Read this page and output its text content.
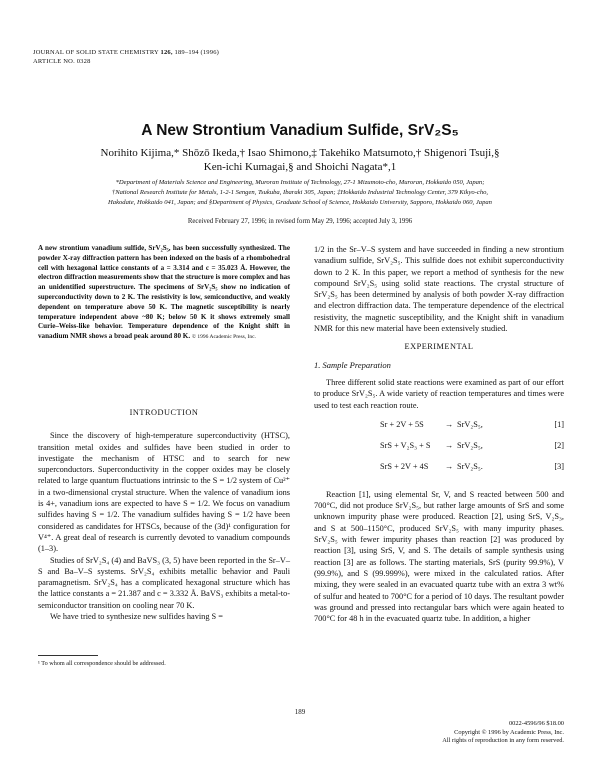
JOURNAL OF SOLID STATE CHEMISTRY 126, 189–194 (1996)
ARTICLE NO. 0328
A New Strontium Vanadium Sulfide, SrV₂S₅
Norihito Kijima,* Shōzō Ikeda,† Isao Shimono,‡ Takehiko Matsumoto,† Shigenori Tsuji,§
Ken-ichi Kumagai,§ and Shoichi Nagata*,1
*Department of Materials Science and Engineering, Muroran Institute of Technology, 27-1 Mizumoto-cho, Muroran, Hokkaido 050, Japan;
†National Research Institute for Metals, 1-2-1 Sengen, Tsukuba, Ibaraki 305, Japan; ‡Hokkaido Industrial Technology Center, 379 Kikyo-cho,
Hakodate, Hokkaido 041, Japan; and §Department of Physics, Graduate School of Science, Hokkaido University, Sapporo, Hokkaido 060, Japan
Received February 27, 1996; in revised form May 29, 1996; accepted July 3, 1996
A new strontium vanadium sulfide, SrV₂S₅, has been successfully synthesized. The powder X-ray diffraction pattern has been indexed on the basis of a rhombohedral cell with hexagonal lattice constants of a = 3.314 and c = 35.023 Å. However, the electron diffraction measurements show that the structure is more complex and has an unidentified superstructure. The specimens of SrV₂S₅ show no indication of superconductivity down to 2 K. The resistivity is low, semiconductive, and weakly dependent on temperature above 50 K. The magnetic susceptibility is nearly temperature independent above ~80 K; below 50 K it shows extremely small Curie–Weiss-like behavior. Temperature dependence of the Knight shift in vanadium NMR shows a broad peak around 80 K. © 1996 Academic Press, Inc.
INTRODUCTION

Since the discovery of high-temperature superconductivity (HTSC), transition metal oxides and sulfides have been studied in order to investigate the mechanism of HTSC and to search for new superconductors. Superconductivity in the copper oxides may be closely related to large quantum fluctuations intrinsic to the S = 1/2 system of Cu²⁺ in a two-dimensional crystal structure. When the valence of vanadium ions is 4+, vanadium ions are expected to have S = 1/2. We focus on vanadium sulfides having S = 1/2. The vanadium sulfides having S = 1/2 have been considered as candidates for HTSCs, because of the (3d)¹ configuration for V⁴⁺. A great deal of research is currently devoted to vanadium compounds (1–3).

Studies of SrV₂S₄ (4) and BaVS₃ (3, 5) have been reported in the Sr–V–S and Ba–V–S systems. SrV₂S₄ exhibits metallic behavior and Pauli paramagnetism. SrV₂S₄ has a complicated hexagonal structure which has the lattice constants a = 21.387 and c = 3.332 Å. BaVS₃ exhibits a metal-to-semiconductor transition on cooling near 70 K.

We have tried to synthesize new sulfides having S =

1/2 in the Sr–V–S system and have succeeded in finding a new strontium vanadium sulfide, SrV₂S₅. This sulfide does not exhibit superconductivity down to 2 K. In this paper, we report a method of synthesis for the new compound SrV₂S₅ using solid state reactions. The crystal structure of SrV₂S₅ has been determined by analysis of both powder X-ray diffraction and electron diffraction data. The temperature dependence of the electrical resistivity, the magnetic susceptibility, and the Knight shift in vanadium NMR for this new material have been extensively studied.

EXPERIMENTAL
1. Sample Preparation

Three different solid state reactions were examined as part of our effort to produce SrV₂S₅. A wide variety of reaction temperatures and times were used to test each reaction route.

Sr + 2V + 5S	→ SrV₂S₅,	[1]
SrS + V₂S₃ + S → SrV₂S₅,	[2]
SrS + 2V + 4S → SrV₂S₅.	[3]

Reaction [1], using elemental Sr, V, and S reacted between 500 and 700°C, did not produce SrV₂S₅, but rather large amounts of SrS and some unknown impurity phase were produced. Reaction [2], using SrS, V₂S₃, and S at 500–1150°C, produced SrV₂S₅ with many impurity phases. SrV₂S₅ with fewer impurity phases than reaction [2] was produced by reaction [3], using SrS, V, and S. The details of sample synthesis using reaction [3] are as follows. The starting materials, SrS (purity 99.9%), V (99.9%), and S (99.999%), were mixed in the calculated ratios. After mixing, they were sealed in an evacuated quartz tube with an extra 3 wt% of sulfur and heated to 700°C for a period of 10 days. The resultant powder was ground and pressed into rectangular bars which were again heated to 700°C for 48 h in the evacuated quartz tube. In addition, a higher

¹ To whom all correspondence should be addressed.
189
0022-4596/96 $18.00
Copyright © 1996 by Academic Press, Inc.
All rights of reproduction in any form reserved.
